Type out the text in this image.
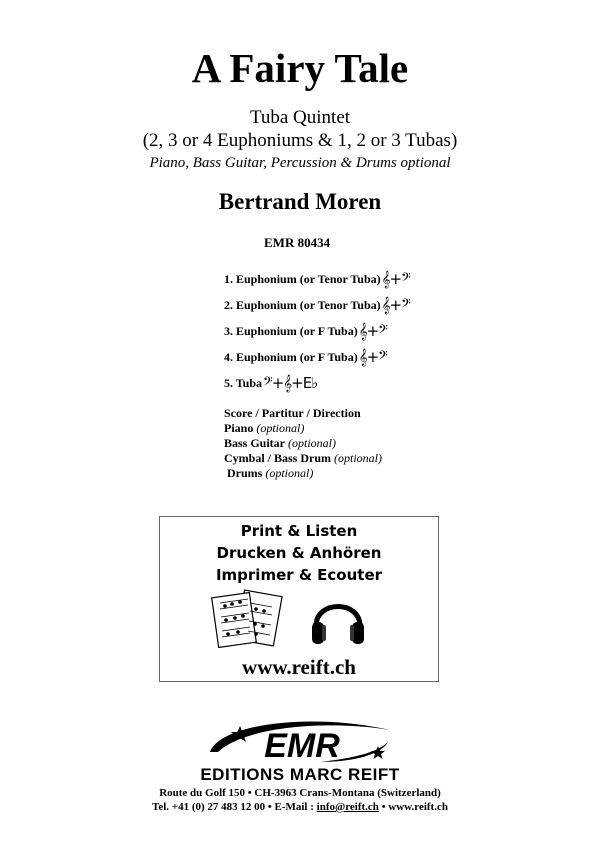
A Fairy Tale
Tuba Quintet
(2, 3 or 4 Euphoniums & 1, 2 or 3 Tubas)
Piano, Bass Guitar, Percussion & Drums optional
Bertrand Moren
EMR 80434
1. Euphonium (or Tenor Tuba) 𝄞+𝄢
2. Euphonium (or Tenor Tuba) 𝄞+𝄢
3. Euphonium (or F Tuba) 𝄞+𝄢
4. Euphonium (or F Tuba) 𝄞+𝄢
5. Tuba 𝄢+𝄞+E♭
Score / Partitur / Direction
Piano (optional)
Bass Guitar (optional)
Cymbal / Bass Drum (optional)
Drums (optional)
Print & Listen
Drucken & Anhören
Imprimer & Ecouter
www.reift.ch
EMR
EDITIONS MARC REIFT
Route du Golf 150 • CH-3963 Crans-Montana (Switzerland)
Tel. +41 (0) 27 483 12 00 • E-Mail : info@reift.ch • www.reift.ch
